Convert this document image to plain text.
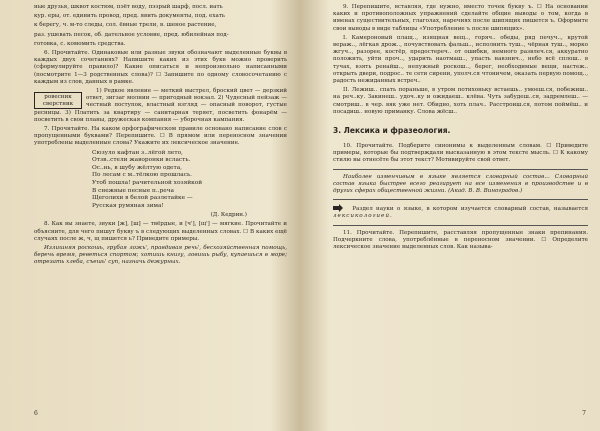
ные друзья, шквот костюм, пэёт воду, пэзрый шарф, посл. иать

кур. еры, от. единить провод, пред. явить документы, под. ехать

к берегу, ч. м-то следы, сол. ёвные трели, в. шеное растение,

раз. ушевать песок, об. дательное условие, пред. юбилейная под-

готовка, с. комомить средства.

6. Прочитайте. Одинаковые или разные звуки обозначают выделенные буквы в каждых двух сочетаниях? Напишите каких из этих букв можно проверить (сформулируйте правило)? Какие описаться и непроизвольно написанными (посмотрите 1—3 родственных слова)? ☐ Запишите по одному словосочетанию с каждым из слов, данных в рамке.

ровесник
сверстник

1) Редкое явление — меткий выстрел, броский цвет — дерзкий ответ, зигзаг молнии — пригодный вокзал. 2) Чудесный пейзаж — честный поступок, властный взгляд — опасный поворот, густые ресницы. 3) Платить за квартиру — санитарная теряет, посветить фонарём — посветить в свои планы, дружеская компания — уборочная кампания.

7. Прочитайте. На каком орфографическом правиле основано написание слов с пропущенными буквами? Перепишите. ☐ В прямом или переносном значении употреблены выделенные слова? Укажите их лексическое значение.

Сюзуло кафтан з..лёгой лето,
Отзв..стели жаворонки всласть.
Ос..нь, в шубу жёлтую одета,
По лесам с м..тёлкою прошлась.
Утоб пошла! рачительной хозяйкой
В снежные песные п..реча
Щеголихи в белой разлетайке —
Русская румяная зима!
(Д. Кедрин.)

8. Как вы знаете, звуки [ж], [ш] — твёрдые, и [ч'], [щ'] — мягкие. Прочитайте и объясните, для чего пишут букву ъ в следующих выделенных словах. ☐ В каких ещё случаях после ж, ч, щ пишется ь? Приведите примеры.

Излишняя роскошь, грубая ложь', правдивая речь', бесхозяйственная помощь, беречь время, реветься спортом; хотишь книгу, ловишь рыбу, купаешься в море; отрезать хлеба, съешь' суп, назначь дежурных.

6

9. Перепишите, вставляя, где нужно, вместо точек букву ъ. ☐ На основании каких и противоположных упражнений сделайте общие выводы о том, когда в именах существительных, глаголах, наречиях после шипящих пишется ъ. Оформите свои выводы в виде таблицы «Употребление ъ после шипящих».

I. Камероновый плащ.., изящная вещ.., горяч.. обеды, ряд печуч.., крутой вераж.., лёгкая дрож.., почувствовать фальш.., исполнить туш.., чёрная туш.., морко жгуч.., разорее, костёр, предостереч.. от ошибки, немного развлеч.ся, аккуратно положить, уйти проч.., ударить наотмаш.., упасть навзнич.., небо всё сплош.. в тучах, взять ренайш.., непужный роскош.., берег, необходимые вещи, настеж.. открыть двери, подрос.. те сети сирени, уполч.ся чтоничем, оказать первую помощ.., радость нежиданных встреч..

II. Лежиш.. спать пораньше, в утром потихоньку встаешь.. умоеш.ся, побежиш.. на реч..ку. Закинеш.. удоч..ку и ожидаеш.. клёва. Чуть забудеш..ся, задремлеш.. — смотриш.. в чер. вяк уже нет. Обидно, хоть плач.. Расстроиш.ся, потом поймёш.. и посадиш.. новую приманку. Слова жёсш..

3. Лексика и фразеология.

10. Прочитайте. Подберите синонимы к выделенным словам. ☐ Приведите примеры, которые бы подтверждали высказанную в этом тексте мысль. ☐ К какому стилю вы отнесёте бы этот текст? Мотивируйте свой ответ.

Наиболее изменчивым в языке является словарный состав... Словарный состав языка быстрее всего реагирует на все изменения в производстве и в других сферах общественной жизни. (Акад. В. В. Виноградов.)

Раздел науки о языке, в котором изучается словарный состав, называется лексикологией.

11. Прочитайте. Перепишите, расставляя пропущенные знаки препинания. Подчеркните слова, употреблённые в переносном значении. ☐ Определите лексическое значение выделенных слов. Как называ-

7
